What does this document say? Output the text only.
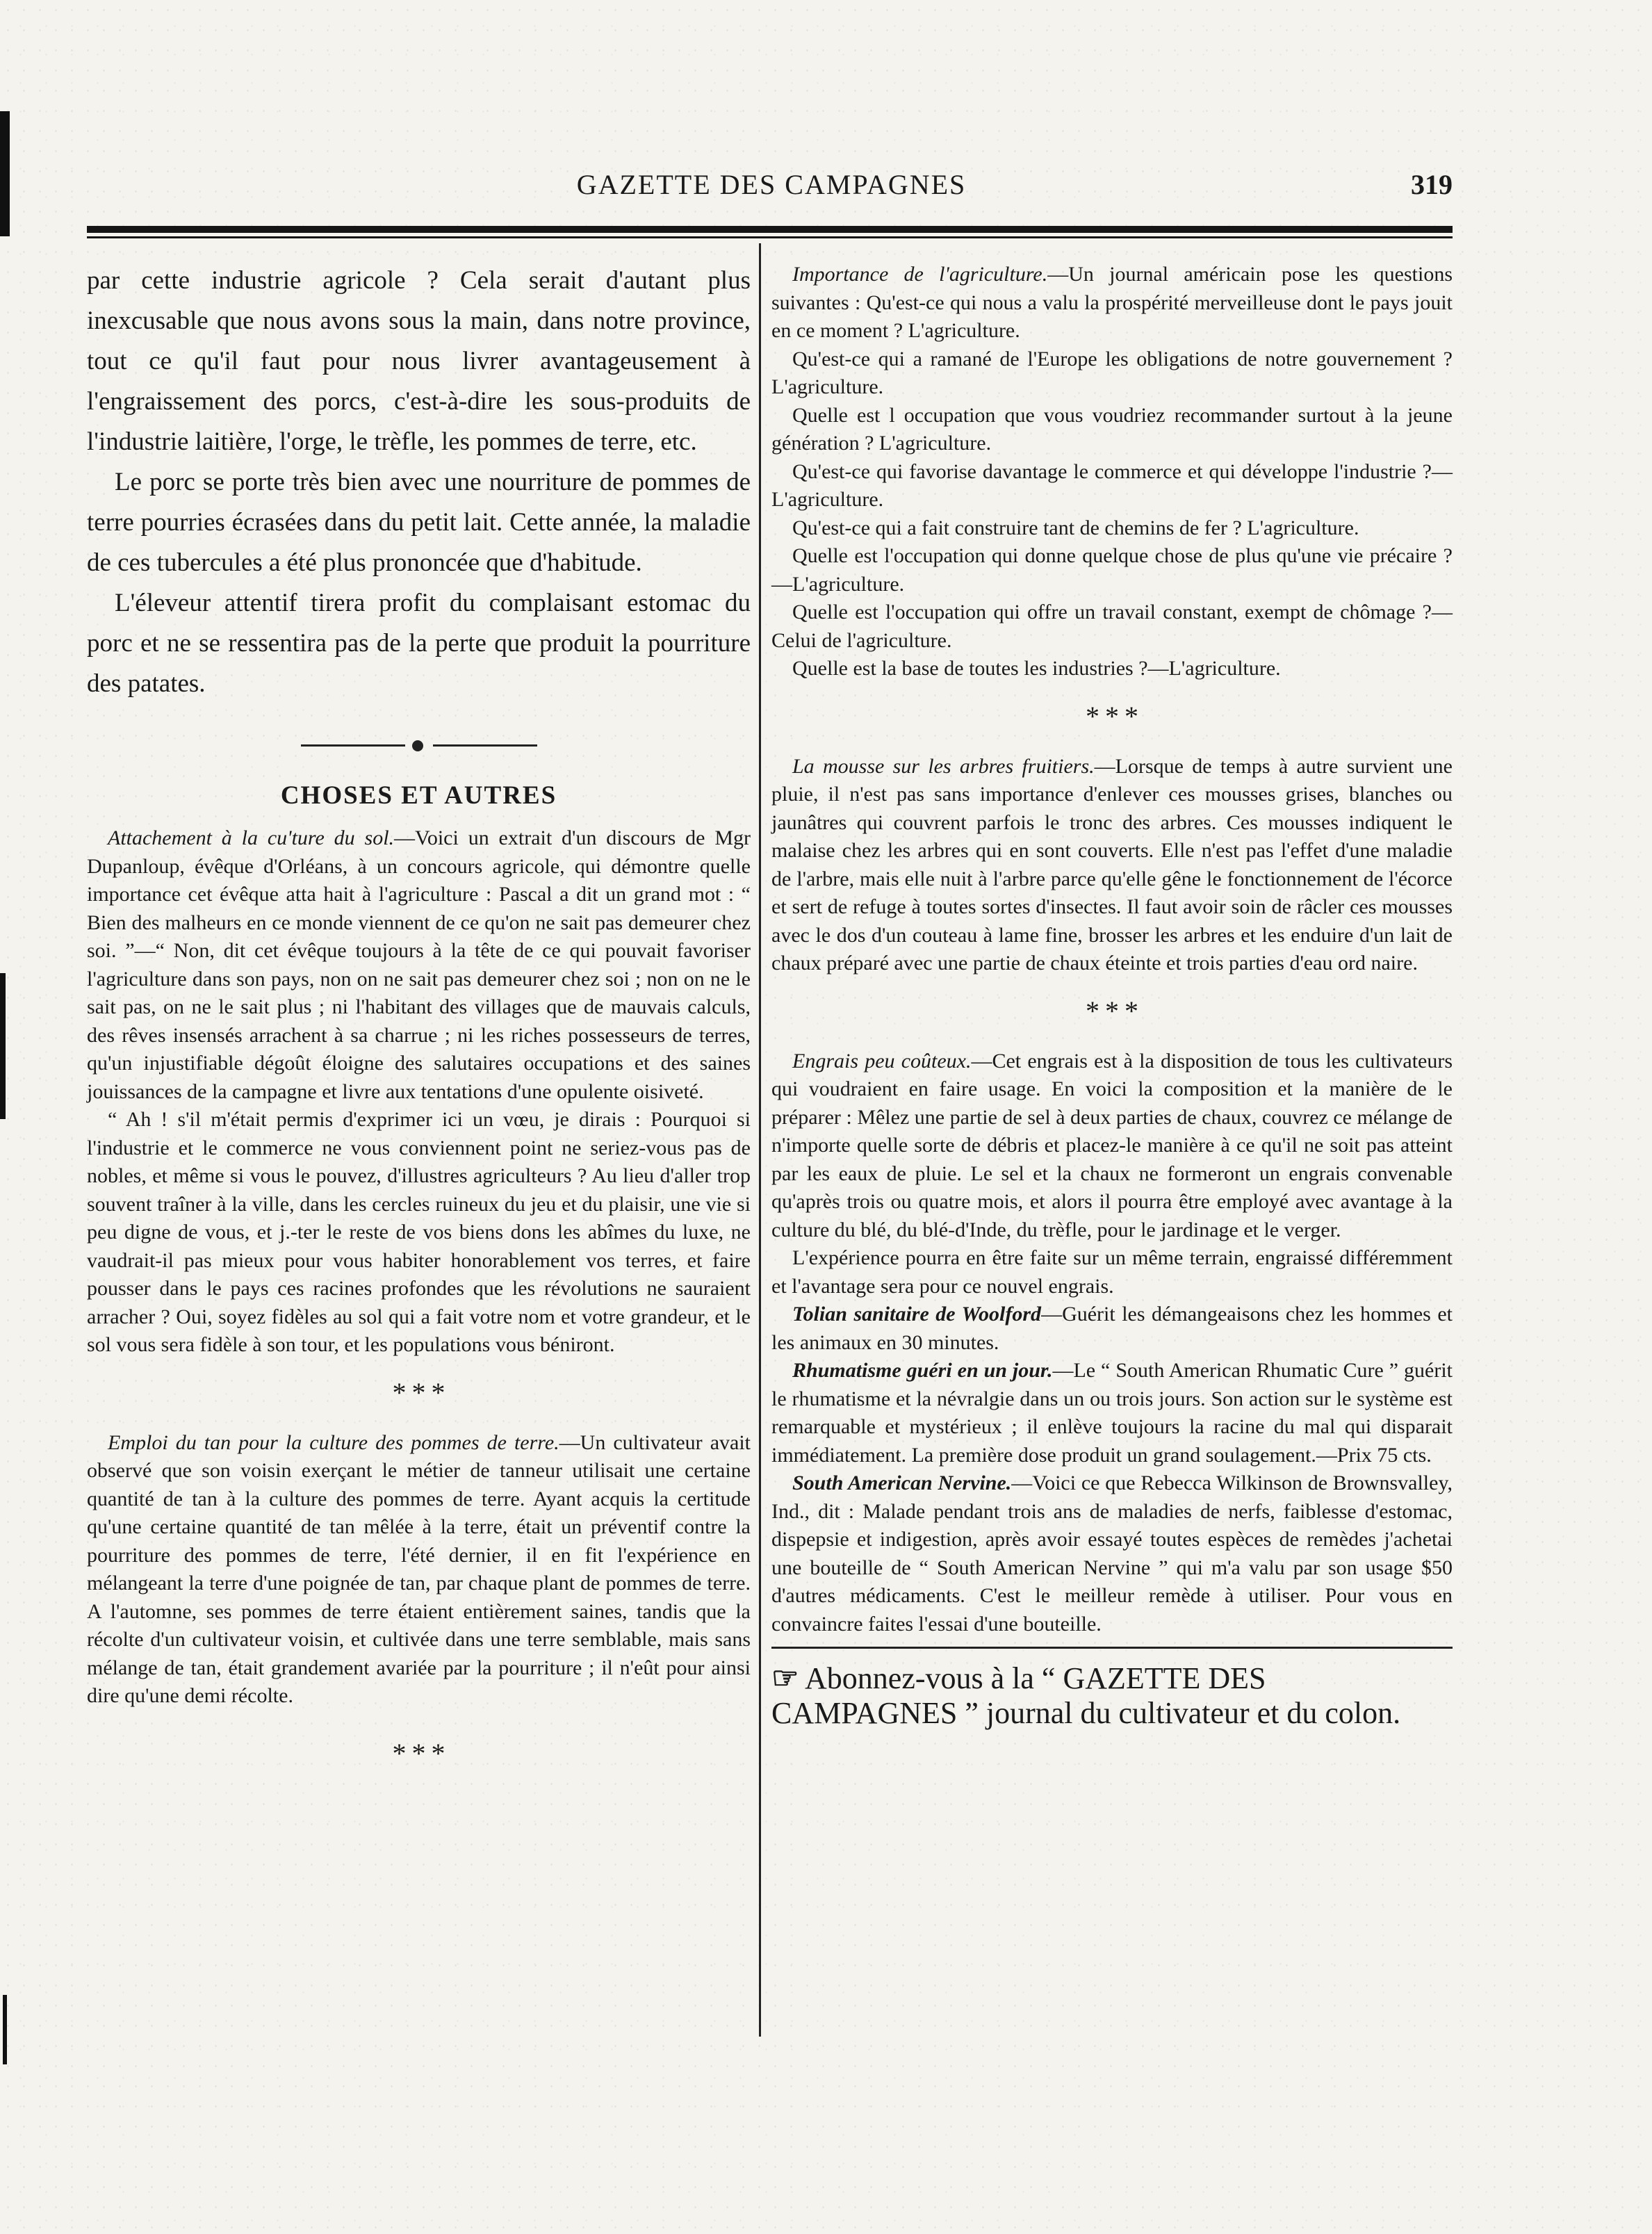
GAZETTE DES CAMPAGNES	319

par cette industrie agricole ? Cela serait d'autant plus inexcusable que nous avons sous la main, dans notre province, tout ce qu'il faut pour nous livrer avantageusement à l'engraissement des porcs, c'est-à-dire les sous-produits de l'industrie laitière, l'orge, le trèfle, les pommes de terre, etc.

Le porc se porte très bien avec une nourriture de pommes de terre pourries écrasées dans du petit lait. Cette année, la maladie de ces tubercules a été plus prononcée que d'habitude.

L'éleveur attentif tirera profit du complaisant estomac du porc et ne se ressentira pas de la perte que produit la pourriture des patates.

CHOSES ET AUTRES

Attachement à la cu'ture du sol.—Voici un extrait d'un discours de Mgr Dupanloup, évêque d'Orléans, à un concours agricole, qui démontre quelle importance cet évêque atta hait à l'agriculture : Pascal a dit un grand mot : “ Bien des malheurs en ce monde viennent de ce qu'on ne sait pas demeurer chez soi. ”—“ Non, dit cet évêque toujours à la tête de ce qui pouvait favoriser l'agriculture dans son pays, non on ne sait pas demeurer chez soi ; non on ne le sait pas, on ne le sait plus ; ni l'habitant des villages que de mauvais calculs, des rêves insensés arrachent à sa charrue ; ni les riches possesseurs de terres, qu'un injustifiable dégoût éloigne des salutaires occupations et des saines jouissances de la campagne et livre aux tentations d'une opulente oisiveté.

“ Ah ! s'il m'était permis d'exprimer ici un vœu, je dirais : Pourquoi si l'industrie et le commerce ne vous conviennent point ne seriez-vous pas de nobles, et même si vous le pouvez, d'illustres agriculteurs ? Au lieu d'aller trop souvent traîner à la ville, dans les cercles ruineux du jeu et du plaisir, une vie si peu digne de vous, et j.-ter le reste de vos biens dons les abîmes du luxe, ne vaudrait-il pas mieux pour vous habiter honorablement vos terres, et faire pousser dans le pays ces racines profondes que les révolutions ne sauraient arracher ? Oui, soyez fidèles au sol qui a fait votre nom et votre grandeur, et le sol vous sera fidèle à son tour, et les populations vous béniront.

* * *

Emploi du tan pour la culture des pommes de terre.—Un cultivateur avait observé que son voisin exerçant le métier de tanneur utilisait une certaine quantité de tan à la culture des pommes de terre. Ayant acquis la certitude qu'une certaine quantité de tan mêlée à la terre, était un préventif contre la pourriture des pommes de terre, l'été dernier, il en fit l'expérience en mélangeant la terre d'une poignée de tan, par chaque plant de pommes de terre. A l'automne, ses pommes de terre étaient entièrement saines, tandis que la récolte d'un cultivateur voisin, et cultivée dans une terre semblable, mais sans mélange de tan, était grandement avariée par la pourriture ; il n'eût pour ainsi dire qu'une demi récolte.

* * *

Importance de l'agriculture.—Un journal américain pose les questions suivantes : Qu'est-ce qui nous a valu la prospérité merveilleuse dont le pays jouit en ce moment ? L'agriculture.

Qu'est-ce qui a ramané de l'Europe les obligations de notre gouvernement ? L'agriculture.

Quelle est l occupation que vous voudriez recommander surtout à la jeune génération ? L'agriculture.

Qu'est-ce qui favorise davantage le commerce et qui développe l'industrie ?—L'agriculture.

Qu'est-ce qui a fait construire tant de chemins de fer ? L'agriculture.

Quelle est l'occupation qui donne quelque chose de plus qu'une vie précaire ?—L'agriculture.

Quelle est l'occupation qui offre un travail constant, exempt de chômage ?—Celui de l'agriculture.

Quelle est la base de toutes les industries ?—L'agriculture.

* * *

La mousse sur les arbres fruitiers.—Lorsque de temps à autre survient une pluie, il n'est pas sans importance d'enlever ces mousses grises, blanches ou jaunâtres qui couvrent parfois le tronc des arbres. Ces mousses indiquent le malaise chez les arbres qui en sont couverts. Elle n'est pas l'effet d'une maladie de l'arbre, mais elle nuit à l'arbre parce qu'elle gêne le fonctionnement de l'écorce et sert de refuge à toutes sortes d'insectes. Il faut avoir soin de râcler ces mousses avec le dos d'un couteau à lame fine, brosser les arbres et les enduire d'un lait de chaux préparé avec une partie de chaux éteinte et trois parties d'eau ord naire.

* * *

Engrais peu coûteux.—Cet engrais est à la disposition de tous les cultivateurs qui voudraient en faire usage. En voici la composition et la manière de le préparer : Mêlez une partie de sel à deux parties de chaux, couvrez ce mélange de n'importe quelle sorte de débris et placez-le manière à ce qu'il ne soit pas atteint par les eaux de pluie. Le sel et la chaux ne formeront un engrais convenable qu'après trois ou quatre mois, et alors il pourra être employé avec avantage à la culture du blé, du blé-d'Inde, du trèfle, pour le jardinage et le verger.

L'expérience pourra en être faite sur un même terrain, engraissé différemment et l'avantage sera pour ce nouvel engrais.

Tolian sanitaire de Woolford—Guérit les démangeaisons chez les hommes et les animaux en 30 minutes.

Rhumatisme guéri en un jour.—Le “ South American Rhumatic Cure ” guérit le rhumatisme et la névralgie dans un ou trois jours. Son action sur le système est remarquable et mystérieux ; il enlève toujours la racine du mal qui disparait immédiatement. La première dose produit un grand soulagement.—Prix 75 cts.

South American Nervine.—Voici ce que Rebecca Wilkinson de Brownsvalley, Ind., dit : Malade pendant trois ans de maladies de nerfs, faiblesse d'estomac, dispepsie et indigestion, après avoir essayé toutes espèces de remèdes j'achetai une bouteille de “ South American Nervine ” qui m'a valu par son usage $50 d'autres médicaments. C'est le meilleur remède à utiliser. Pour vous en convaincre faites l'essai d'une bouteille.

☞ Abonnez-vous à la “ GAZETTE DES CAMPAGNES ” journal du cultivateur et du colon.
